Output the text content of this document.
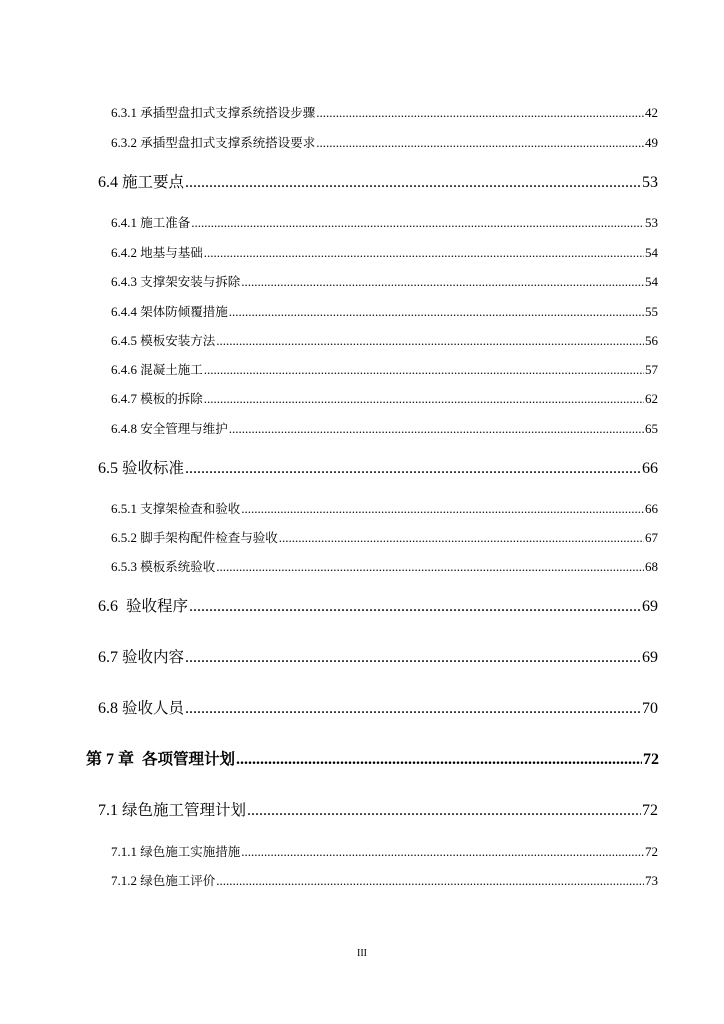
6.3.1 承插型盘扣式支撑系统搭设步骤 .....	42
6.3.2 承插型盘扣式支撑系统搭设要求 .....	49
6.4 施工要点 .....	53
6.4.1 施工准备 .....	53
6.4.2 地基与基础 .....	54
6.4.3 支撑架安装与拆除 .....	54
6.4.4 架体防倾覆措施 .....	55
6.4.5 模板安装方法 .....	56
6.4.6 混凝土施工 .....	57
6.4.7 模板的拆除 .....	62
6.4.8 安全管理与维护 .....	65
6.5 验收标准 .....	66
6.5.1 支撑架检查和验收 .....	66
6.5.2 脚手架构配件检查与验收 .....	67
6.5.3 模板系统验收 .....	68
6.6 验收程序 .....	69
6.7 验收内容 .....	69
6.8 验收人员 .....	70
第 7 章 各项管理计划 .....	72
7.1 绿色施工管理计划 .....	72
7.1.1 绿色施工实施措施 .....	72
7.1.2 绿色施工评价 .....	73
III
